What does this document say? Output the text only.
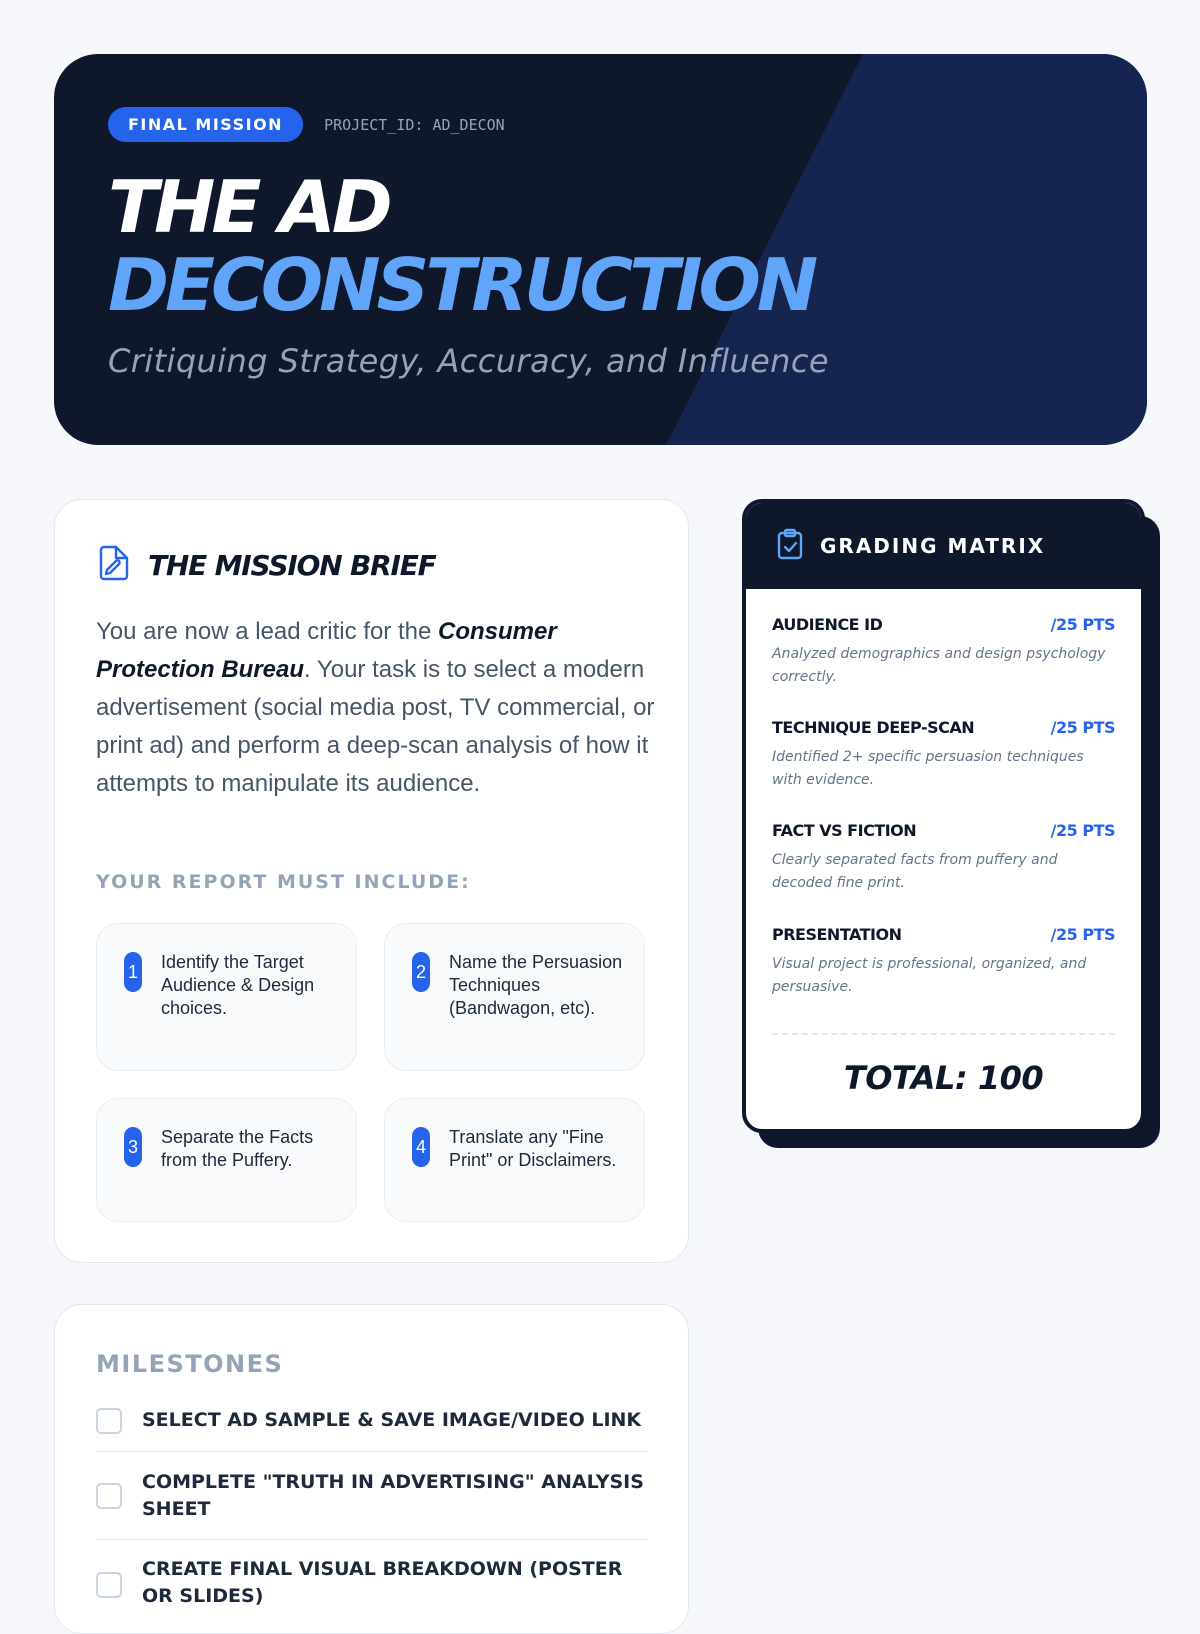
FINAL MISSION	PROJECT_ID: AD_DECON
THE AD
DECONSTRUCTION
Critiquing Strategy, Accuracy, and Influence
THE MISSION BRIEF

You are now a lead critic for the Consumer Protection Bureau. Your task is to select a modern advertisement (social media post, TV commercial, or print ad) and perform a deep-scan analysis of how it attempts to manipulate its audience.

YOUR REPORT MUST INCLUDE:
1 Identify the Target Audience & Design choices.
2 Name the Persuasion Techniques (Bandwagon, etc).
3 Separate the Facts from the Puffery.
4 Translate any "Fine Print" or Disclaimers.
MILESTONES
SELECT AD SAMPLE & SAVE IMAGE/VIDEO LINK
COMPLETE "TRUTH IN ADVERTISING" ANALYSIS SHEET
CREATE FINAL VISUAL BREAKDOWN (POSTER OR SLIDES)
GRADING MATRIX
AUDIENCE ID	/25 PTS
Analyzed demographics and design psychology correctly.
TECHNIQUE DEEP-SCAN	/25 PTS
Identified 2+ specific persuasion techniques with evidence.
FACT VS FICTION	/25 PTS
Clearly separated facts from puffery and decoded fine print.
PRESENTATION	/25 PTS
Visual project is professional, organized, and persuasive.
TOTAL: 100
